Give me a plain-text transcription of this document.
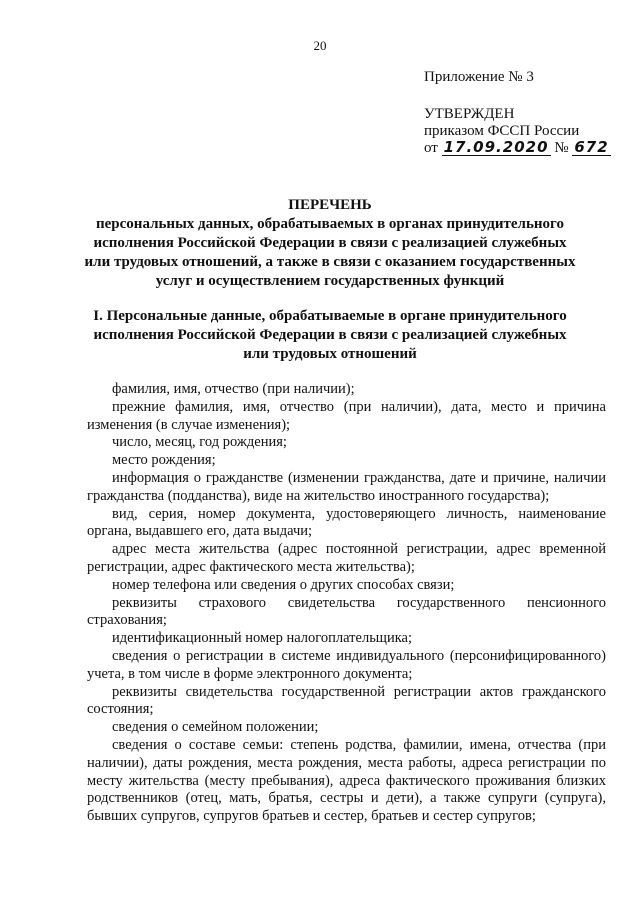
20
Приложение № 3
УТВЕРЖДЕН
приказом ФССП России
от 17.09.2020 № 672
ПЕРЕЧЕНЬ
персональных данных, обрабатываемых в органах принудительного
исполнения Российской Федерации в связи с реализацией служебных
или трудовых отношений, а также в связи с оказанием государственных
услуг и осуществлением государственных функций
I. Персональные данные, обрабатываемые в органе принудительного
исполнения Российской Федерации в связи с реализацией служебных
или трудовых отношений

фамилия, имя, отчество (при наличии);

прежние фамилия, имя, отчество (при наличии), дата, место и причина изменения (в случае изменения);

число, месяц, год рождения;

место рождения;

информация о гражданстве (изменении гражданства, дате и причине, наличии гражданства (подданства), виде на жительство иностранного государства);

вид, серия, номер документа, удостоверяющего личность, наименование органа, выдавшего его, дата выдачи;

адрес места жительства (адрес постоянной регистрации, адрес временной регистрации, адрес фактического места жительства);

номер телефона или сведения о других способах связи;

реквизиты страхового свидетельства государственного пенсионного страхования;

идентификационный номер налогоплательщика;

сведения о регистрации в системе индивидуального (персонифицированного) учета, в том числе в форме электронного документа;

реквизиты свидетельства государственной регистрации актов гражданского состояния;

сведения о семейном положении;

сведения о составе семьи: степень родства, фамилии, имена, отчества (при наличии), даты рождения, места рождения, места работы, адреса регистрации по месту жительства (месту пребывания), адреса фактического проживания близких родственников (отец, мать, братья, сестры и дети), а также супруги (супруга), бывших супругов, супругов братьев и сестер, братьев и сестер супругов;
